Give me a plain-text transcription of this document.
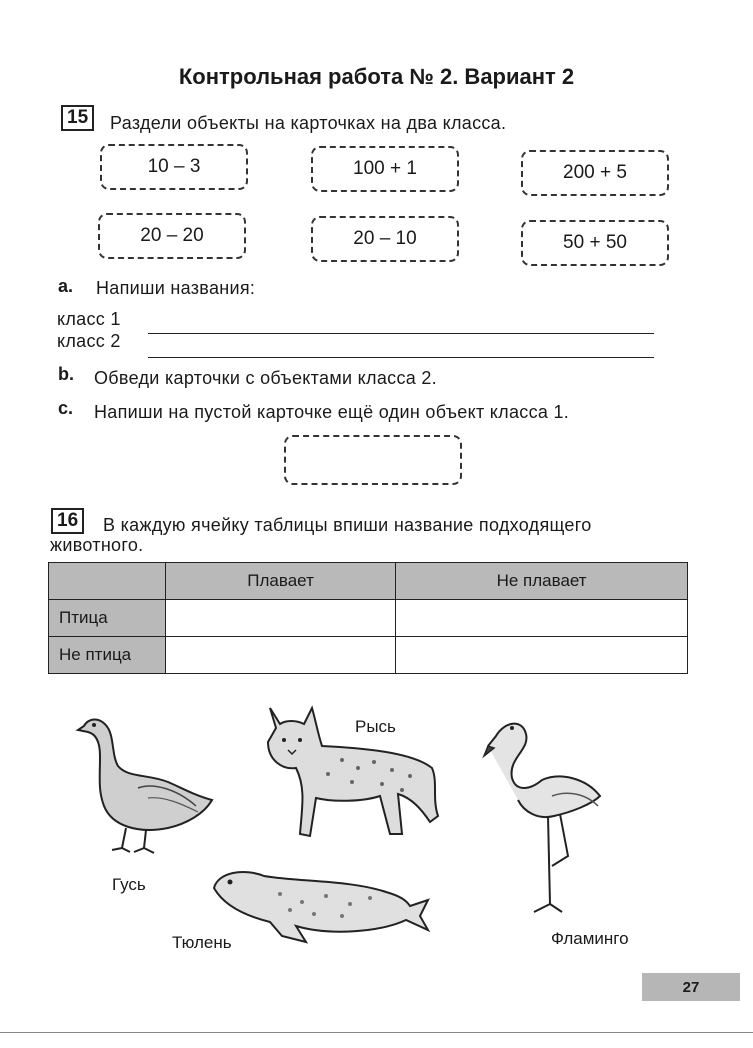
Контрольная работа № 2. Вариант 2
15	Раздели объекты на карточках на два класса.
10 – 3	100 + 1	200 + 5
20 – 20	20 – 10	50 + 50
a. Напиши названия:
класс 1
класс 2
b. Обведи карточки с объектами класса 2.
c. Напиши на пустой карточке ещё один объект класса 1.
16	В каждую ячейку таблицы впиши название подходящего
животного.
	Плавает	Не плавает
Птица		
Не птица		
Гусь
Рысь
Фламинго
Тюлень
27
